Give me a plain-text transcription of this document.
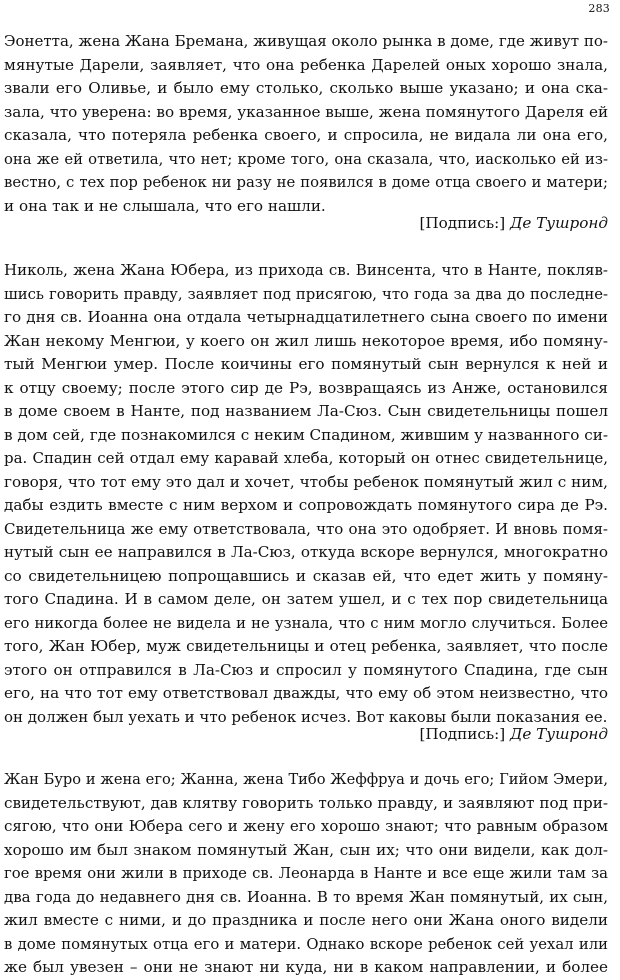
283
Эонетта, жена Жана Бремана, живущая около рынка в доме, где живут по-
мянутые Дарели, заявляет, что она ребенка Дарелей оных хорошо знала,
звали его Оливье, и было ему столько, сколько выше указано; и она ска-
зала, что уверена: во время, указанное выше, жена помянутого Дареля ей
сказала, что потеряла ребенка своего, и спросила, не видала ли она его,
она же ей ответила, что нет; кроме того, она сказала, что, иасколько ей из-
вестно, с тех пор ребенок ни разу не появился в доме отца своего и матери;
и она так и не слышала, что его нашли.
[Подпись:] Де Тушронд
Николь, жена Жана Юбера, из прихода св. Винсента, что в Нанте, покляв-
шись говорить правду, заявляет под присягою, что года за два до последне-
го дня св. Иоанна она отдала четырнадцатилетнего сына своего по имени
Жан некому Менгюи, у коего он жил лишь некоторое время, ибо помяну-
тый Менгюи умер. После коичины его помянутый сын вернулся к ней и
к отцу своему; после этого сир де Рэ, возвращаясь из Анже, остановился
в доме своем в Нанте, под названием Ла-Сюз. Сын свидетельницы пошел
в дом сей, где познакомился с неким Спадином, жившим у названного си-
ра. Спадин сей отдал ему каравай хлеба, который он отнес свидетельнице,
говоря, что тот ему это дал и хочет, чтобы ребенок помянутый жил с ним,
дабы ездить вместе с ним верхом и сопровождать помянутого сира де Рэ.
Свидетельница же ему ответствовала, что она это одобряет. И вновь помя-
нутый сын ее направился в Ла-Сюз, откуда вскоре вернулся, многократно
со свидетельницею попрощавшись и сказав ей, что едет жить у помяну-
того Спадина. И в самом деле, он затем ушел, и с тех пор свидетельница
его никогда более не видела и не узнала, что с ним могло случиться. Более
того, Жан Юбер, муж свидетельницы и отец ребенка, заявляет, что после
этого он отправился в Ла-Сюз и спросил у помянутого Спадина, где сын
его, на что тот ему ответствовал дважды, что ему об этом неизвестно, что
он должен был уехать и что ребенок исчез. Вот каковы были показания ее.
[Подпись:] Де Тушронд
Жан Буро и жена его; Жанна, жена Тибо Жеффруа и дочь его; Гийом Эмери,
свидетельствуют, дав клятву говорить только правду, и заявляют под при-
сягою, что они Юбера сего и жену его хорошо знают; что равным образом
хорошо им был знаком помянутый Жан, сын их; что они видели, как дол-
гое время они жили в приходе св. Леонарда в Нанте и все еще жили там за
два года до недавнего дня св. Иоанна. В то время Жан помянутый, их сын,
жил вместе с ними, и до праздника и после него они Жана оного видели
в доме помянутых отца его и матери. Однако вскоре ребенок сей уехал или
же был увезен – они не знают ни куда, ни в каком направлении, и более
